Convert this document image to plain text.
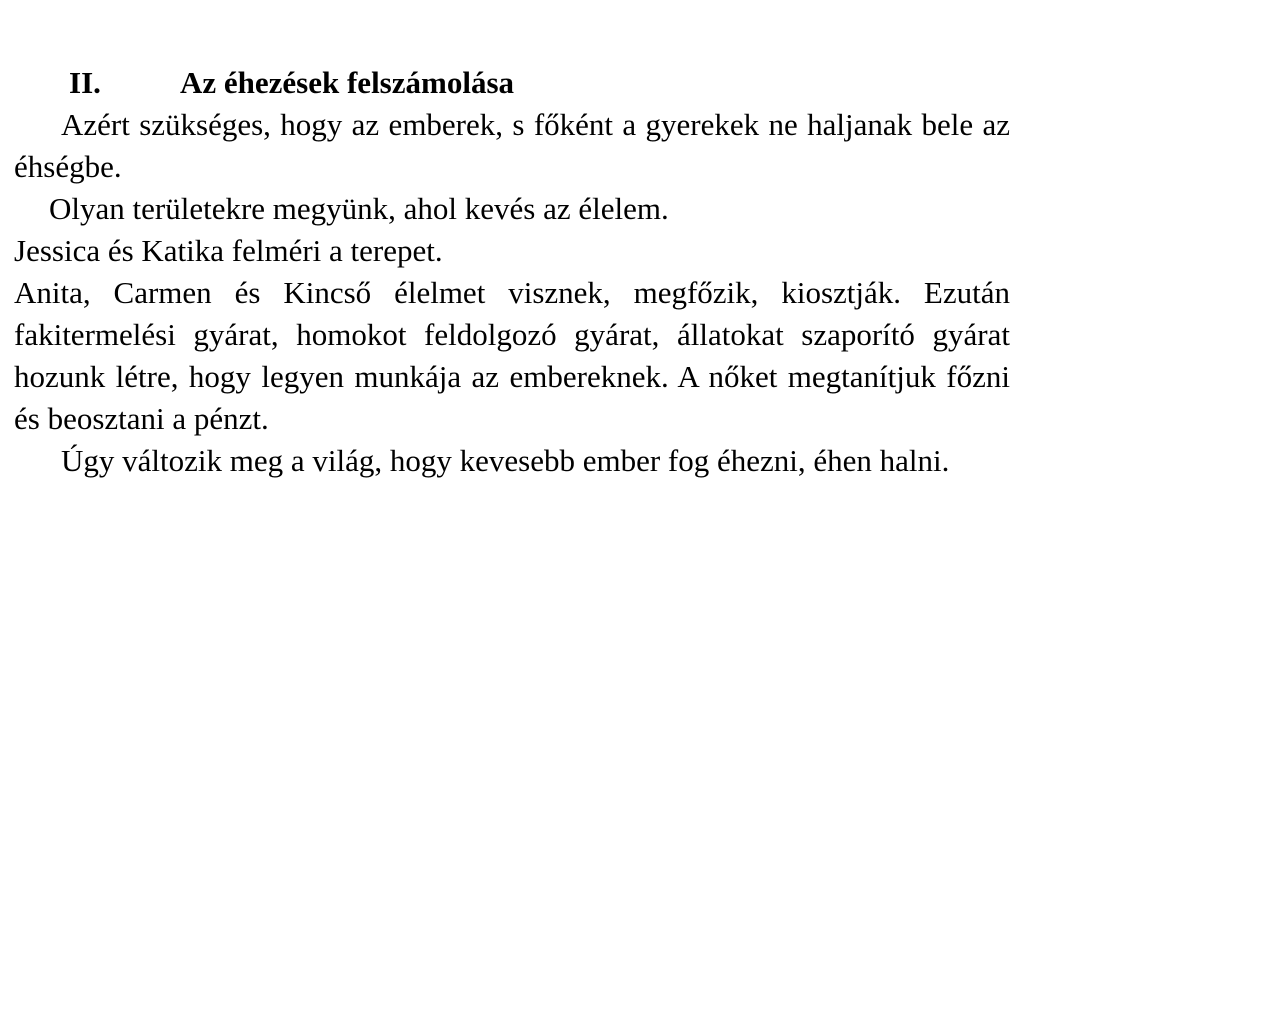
II.	Az éhezések felszámolása

Azért szükséges, hogy az emberek, s főként a gyerekek ne haljanak bele az éhségbe.

Olyan területekre megyünk, ahol kevés az élelem.

Jessica és Katika felméri a terepet.

Anita, Carmen és Kincső élelmet visznek, megfőzik, kiosztják. Ezután fakitermelési gyárat, homokot feldolgozó gyárat, állatokat szaporító gyárat hozunk létre, hogy legyen munkája az embereknek. A nőket megtanítjuk főzni és beosztani a pénzt.

Úgy változik meg a világ, hogy kevesebb ember fog éhezni, éhen halni.
